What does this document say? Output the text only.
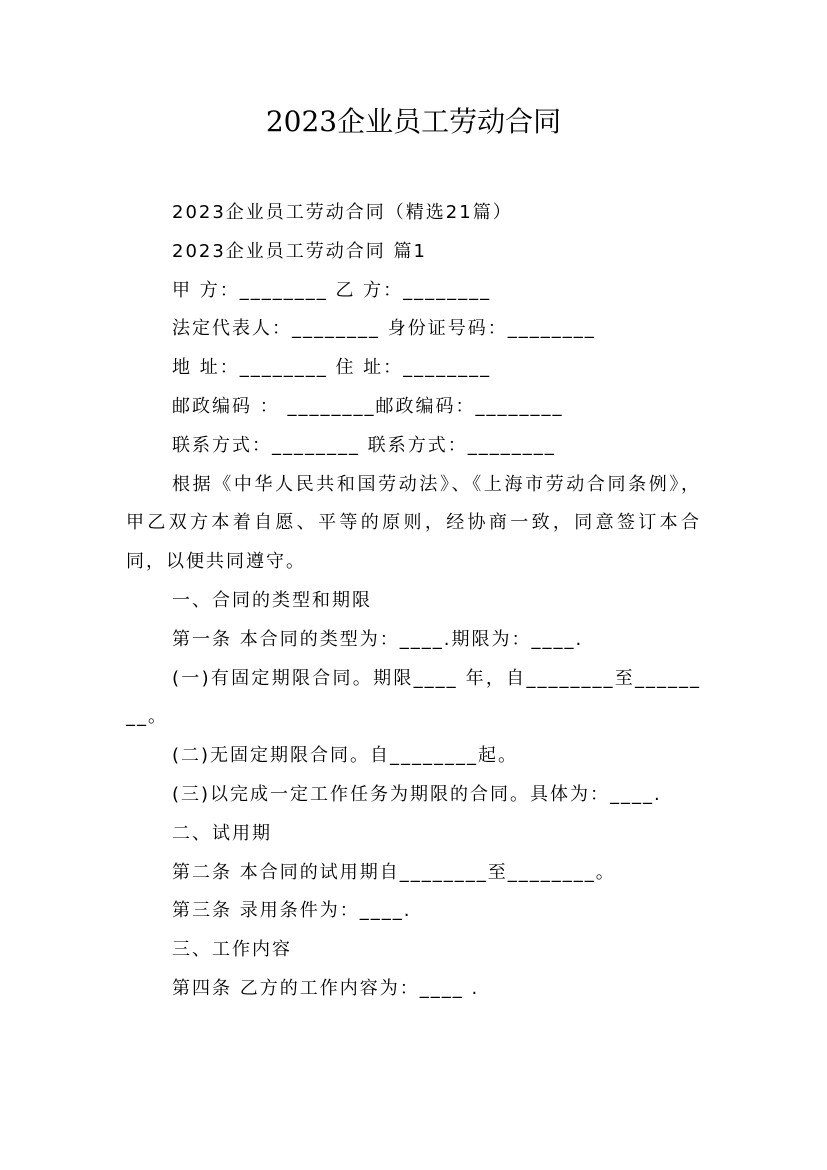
2023企业员工劳动合同

2023企业员工劳动合同（精选21篇）

2023企业员工劳动合同 篇1

甲 方：________ 乙 方：________

法定代表人：________ 身份证号码：________

地 址：________ 住 址：________

邮政编码 ： ________邮政编码：________

联系方式：________ 联系方式：________

根据《中华人民共和国劳动法》、《上海市劳动合同条例》，甲乙双方本着自愿、平等的原则，经协商一致，同意签订本合同，以便共同遵守。

一、合同的类型和期限

第一条 本合同的类型为：____.期限为：____.

(一)有固定期限合同。期限____ 年，自________至________。

(二)无固定期限合同。自________起。

(三)以完成一定工作任务为期限的合同。具体为：____.

二、试用期

第二条 本合同的试用期自________至________。

第三条 录用条件为：____.

三、工作内容

第四条 乙方的工作内容为：____ .
